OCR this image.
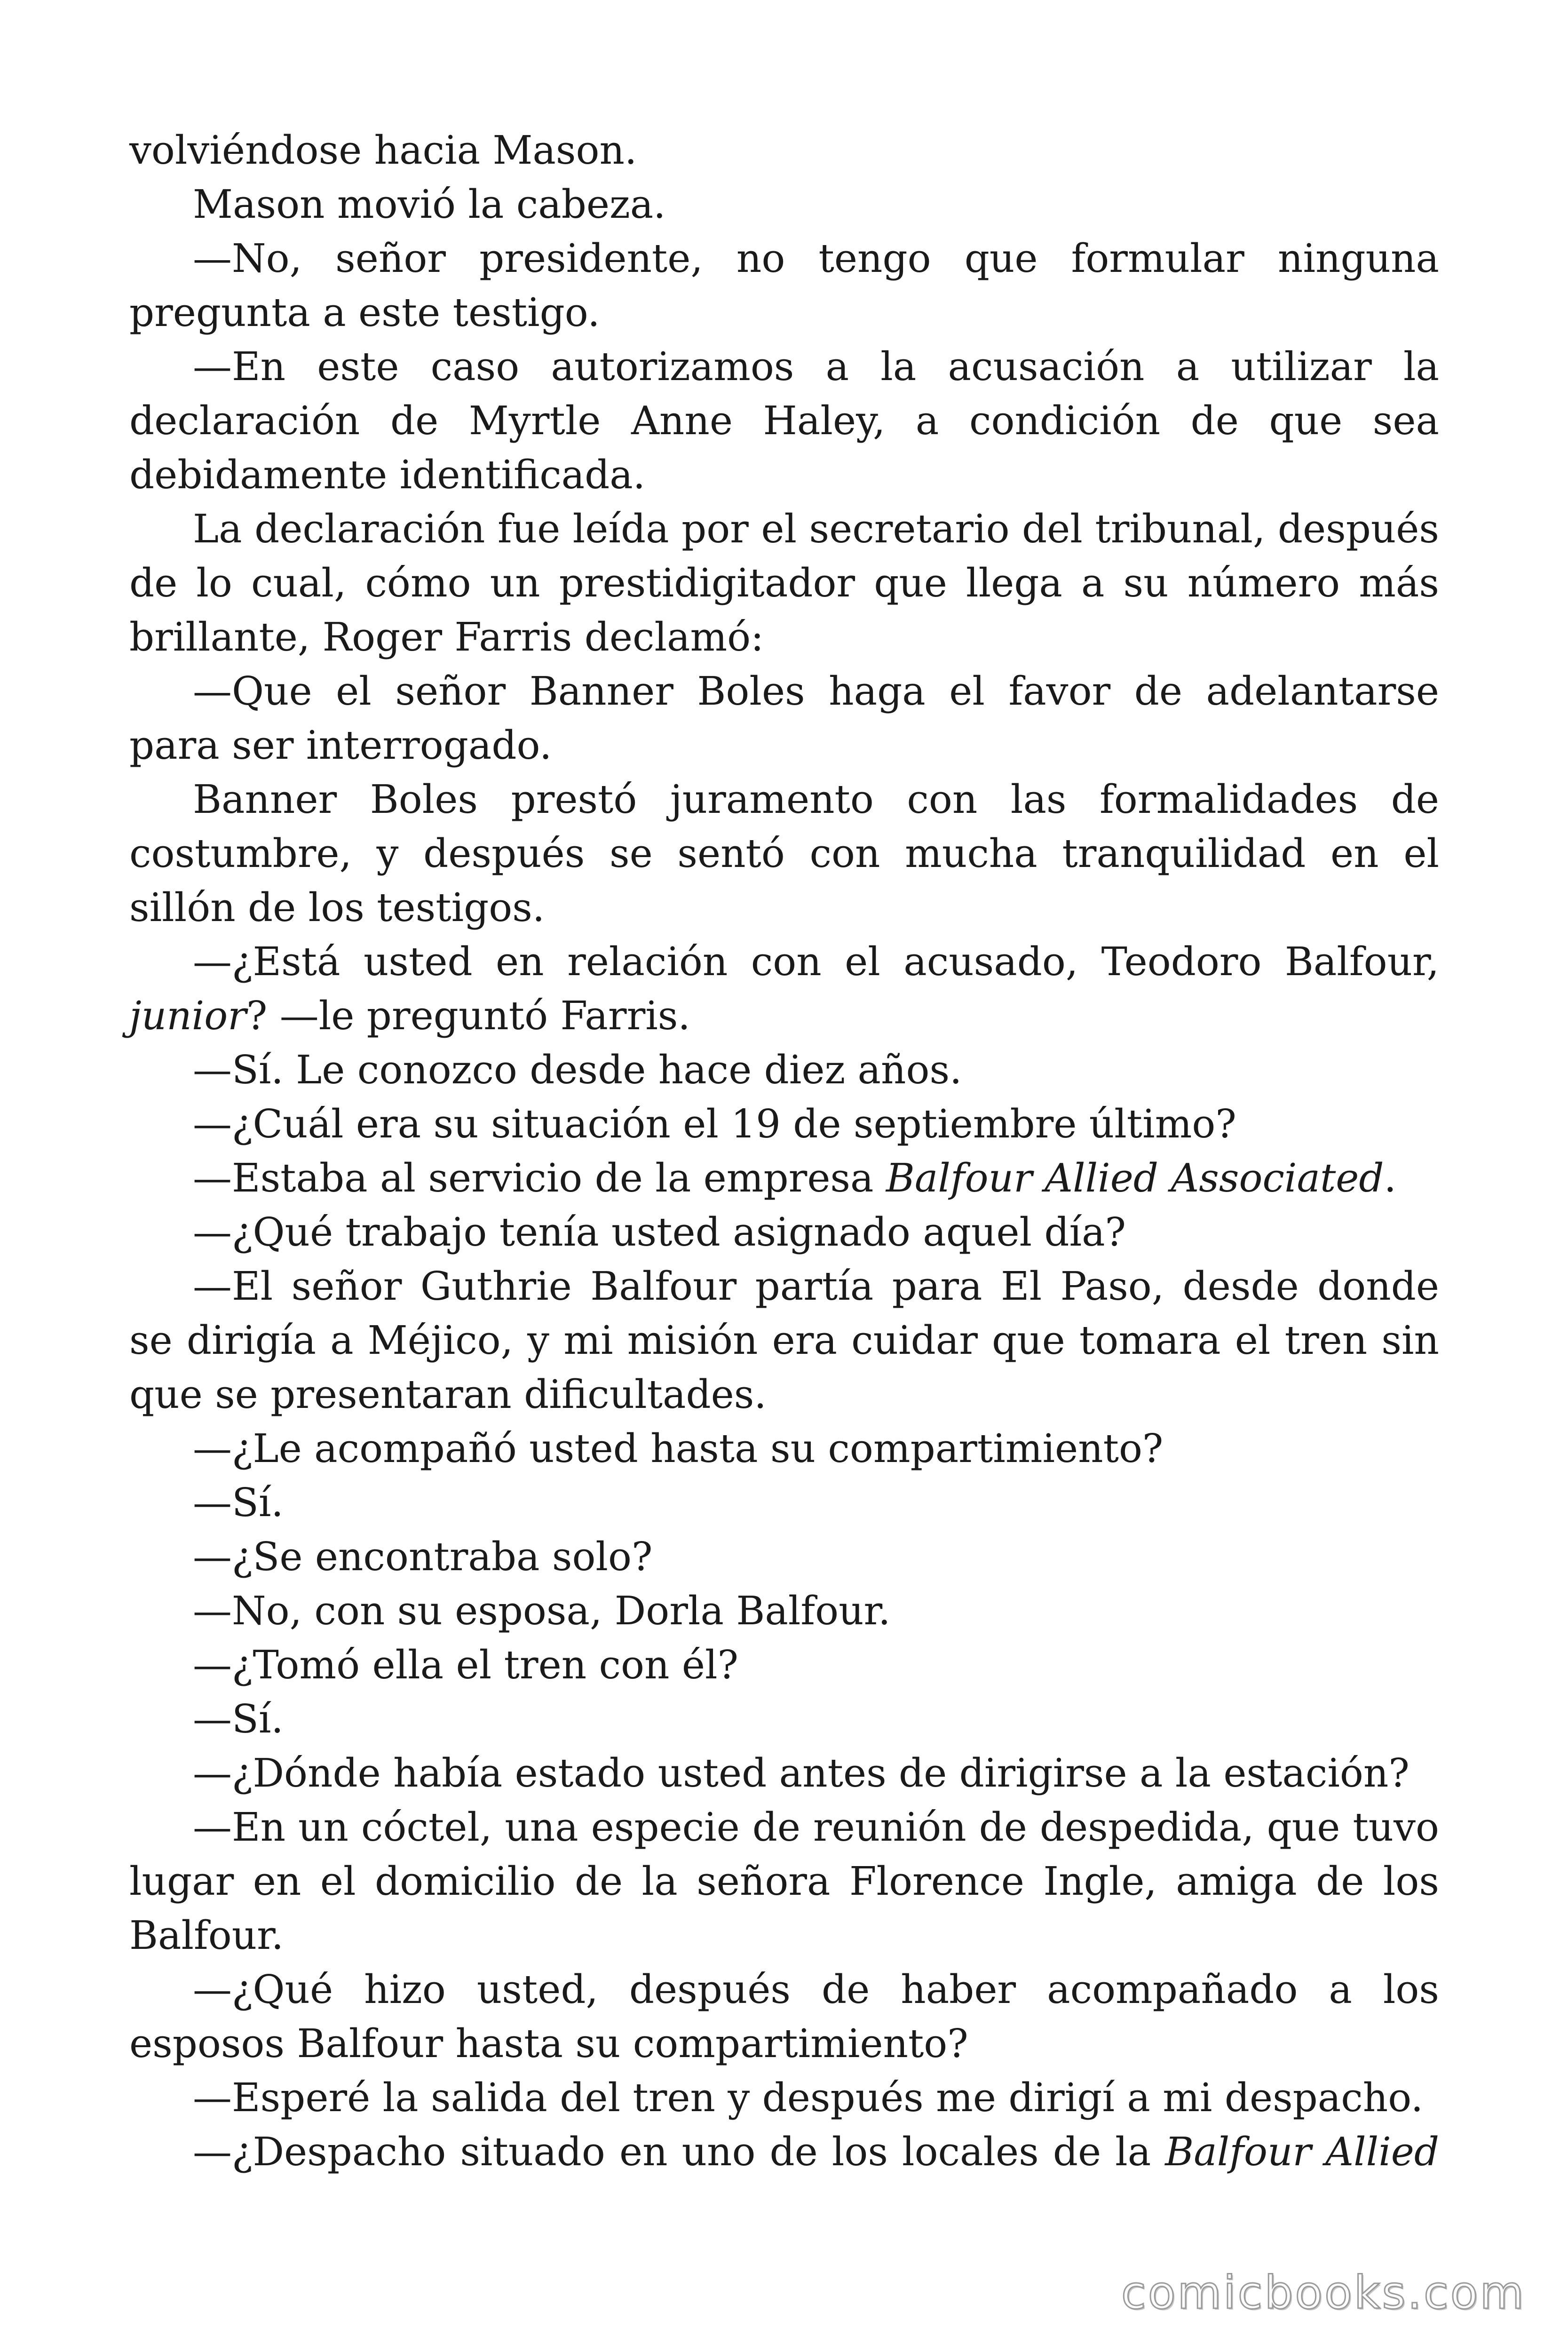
volviéndose hacia Mason.

Mason movió la cabeza.

—No, señor presidente, no tengo que formular ninguna pregunta a este testigo.

—En este caso autorizamos a la acusación a utilizar la declaración de Myrtle Anne Haley, a condición de que sea debidamente identificada.

La declaración fue leída por el secretario del tribunal, después de lo cual, cómo un prestidigitador que llega a su número más brillante, Roger Farris declamó:

—Que el señor Banner Boles haga el favor de adelantarse para ser interrogado.

Banner Boles prestó juramento con las formalidades de costumbre, y después se sentó con mucha tranquilidad en el sillón de los testigos.

—¿Está usted en relación con el acusado, Teodoro Balfour, junior? —le preguntó Farris.

—Sí. Le conozco desde hace diez años.

—¿Cuál era su situación el 19 de septiembre último?

—Estaba al servicio de la empresa Balfour Allied Associated.

—¿Qué trabajo tenía usted asignado aquel día?

—El señor Guthrie Balfour partía para El Paso, desde donde se dirigía a Méjico, y mi misión era cuidar que tomara el tren sin que se presentaran dificultades.

—¿Le acompañó usted hasta su compartimiento?

—Sí.

—¿Se encontraba solo?

—No, con su esposa, Dorla Balfour.

—¿Tomó ella el tren con él?

—Sí.

—¿Dónde había estado usted antes de dirigirse a la estación?

—En un cóctel, una especie de reunión de despedida, que tuvo lugar en el domicilio de la señora Florence Ingle, amiga de los Balfour.

—¿Qué hizo usted, después de haber acompañado a los esposos Balfour hasta su compartimiento?

—Esperé la salida del tren y después me dirigí a mi despacho.

—¿Despacho situado en uno de los locales de la Balfour Allied

comicbooks.com
